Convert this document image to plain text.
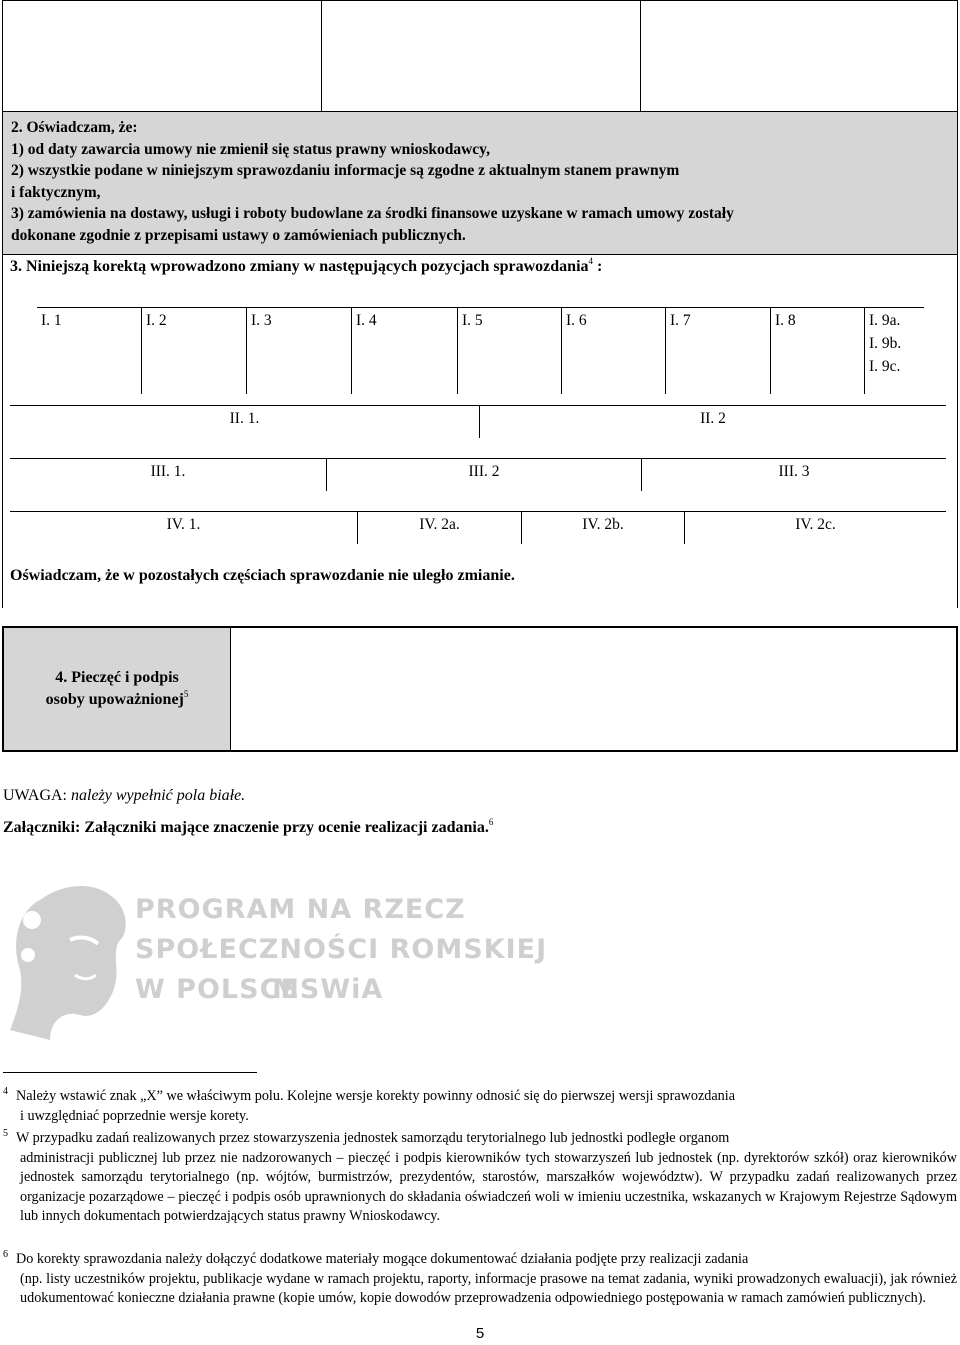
2. Oświadczam, że:
1) od daty zawarcia umowy nie zmienił się status prawny wnioskodawcy,
2) wszystkie podane w niniejszym sprawozdaniu informacje są zgodne z aktualnym stanem prawnym
i faktycznym,
3) zamówienia na dostawy, usługi i roboty budowlane za środki finansowe uzyskane w ramach umowy zostały
dokonane zgodnie z przepisami ustawy o zamówieniach publicznych.
3. Niniejszą korektą wprowadzono zmiany w następujących pozycjach sprawozdania$^4$ :
I. 1	I. 2	I. 3	I. 4	I. 5	I. 6	I. 7	I. 8	I. 9a.
I. 9b.
I. 9c.
II. 1.	II. 2
III. 1.	III. 2	III. 3
IV. 1.	IV. 2a.	IV. 2b.	IV. 2c.
Oświadczam, że w pozostałych częściach sprawozdanie nie uległo zmianie.
4. Pieczęć i podpis
osoby upoważnionej$^5$
UWAGA: należy wypełnić pola białe.
Załączniki: Załączniki mające znaczenie przy ocenie realizacji zadania.$^6$
PROGRAM NA RZECZ
SPOŁECZNOŚCI ROMSKIEJ
W POLSCE
MSWiA
$^4$ Należy wstawić znak „X” we właściwym polu. Kolejne wersje korekty powinny odnosić się do pierwszej wersji sprawozdania
i uwzględniać poprzednie wersje korety.
$^5$ W przypadku zadań realizowanych przez stowarzyszenia jednostek samorządu terytorialnego lub jednostki podległe organom
administracji publicznej lub przez nie nadzorowanych – pieczęć i podpis kierowników tych stowarzyszeń lub jednostek (np. dyrektorów szkół) oraz kierowników jednostek samorządu terytorialnego (np. wójtów, burmistrzów, prezydentów, starostów, marszałków województw). W przypadku zadań realizowanych przez organizacje pozarządowe – pieczęć i podpis osób uprawnionych do składania oświadczeń woli w imieniu uczestnika, wskazanych w Krajowym Rejestrze Sądowym lub innych dokumentach potwierdzających status prawny Wnioskodawcy.
$^6$ Do korekty sprawozdania należy dołączyć dodatkowe materiały mogące dokumentować działania podjęte przy realizacji zadania
(np. listy uczestników projektu, publikacje wydane w ramach projektu, raporty, informacje prasowe na temat zadania, wyniki prowadzonych ewaluacji), jak również udokumentować konieczne działania prawne (kopie umów, kopie dowodów przeprowadzenia odpowiedniego postępowania w ramach zamówień publicznych).
5
